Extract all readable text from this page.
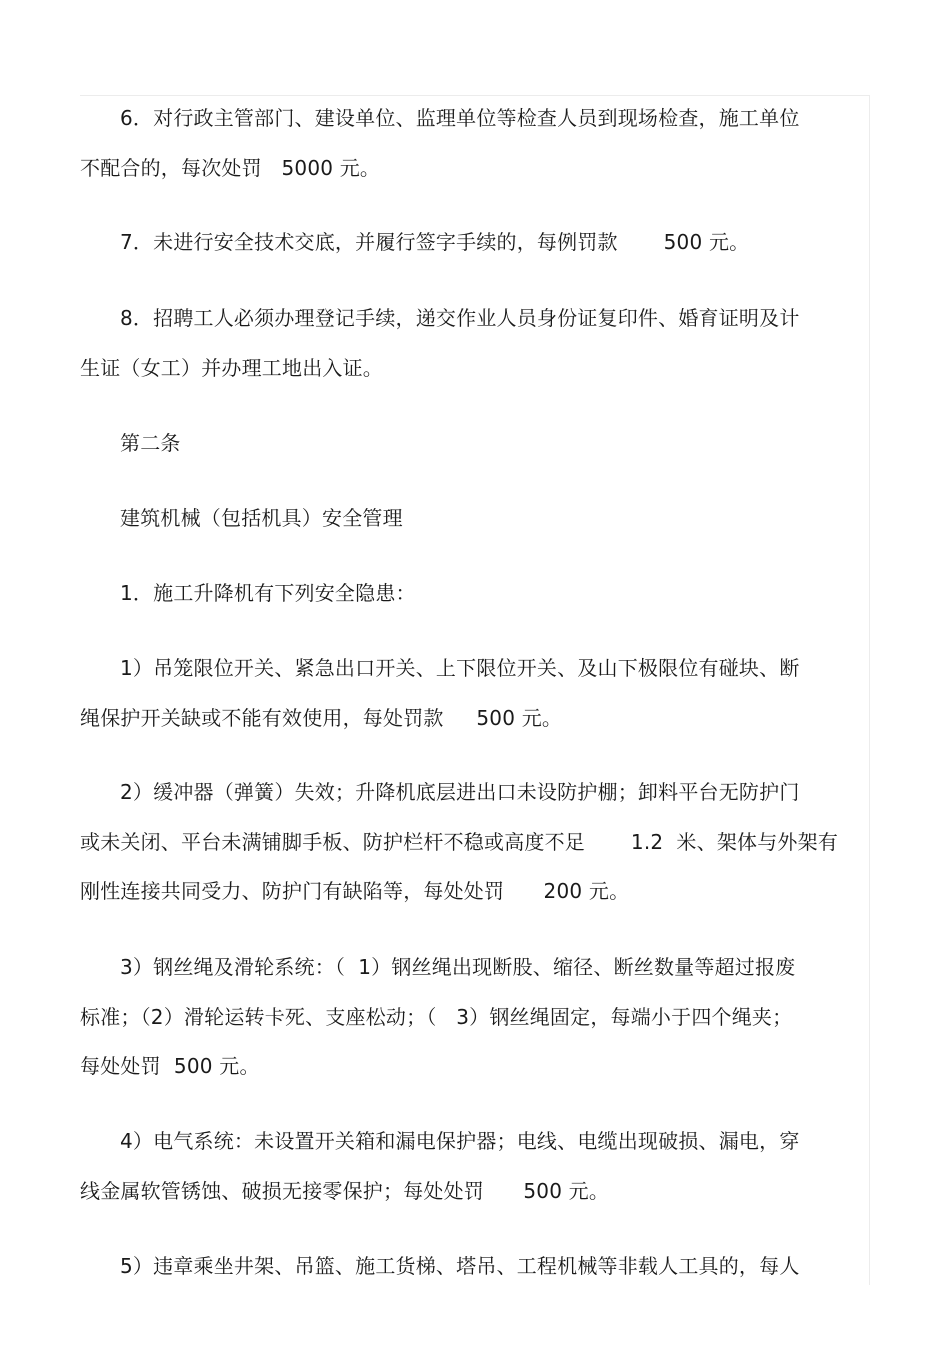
6．对行政主管部门、建设单位、监理单位等检查人员到现场检查，施工单位
不配合的，每次处罚   5000 元。
7．未进行安全技术交底，并履行签字手续的，每例罚款       500 元。
8．招聘工人必须办理登记手续，递交作业人员身份证复印件、婚育证明及计
生证（女工）并办理工地出入证。
第二条
建筑机械（包括机具）安全管理
1．施工升降机有下列安全隐患：
1）吊笼限位开关、紧急出口开关、上下限位开关、及山下极限位有碰块、断
绳保护开关缺或不能有效使用，每处罚款     500 元。
2）缓冲器（弹簧）失效；升降机底层进出口未设防护棚；卸料平台无防护门
或未关闭、平台未满铺脚手板、防护栏杆不稳或高度不足       1.2  米、架体与外架有
刚性连接共同受力、防护门有缺陷等，每处处罚      200 元。
3）钢丝绳及滑轮系统：（  1）钢丝绳出现断股、缩径、断丝数量等超过报废
标准；（2）滑轮运转卡死、支座松动；（   3）钢丝绳固定，每端小于四个绳夹；
每处处罚  500 元。
4）电气系统：未设置开关箱和漏电保护器；电线、电缆出现破损、漏电，穿
线金属软管锈蚀、破损无接零保护；每处处罚      500 元。
5）违章乘坐井架、吊篮、施工货梯、塔吊、工程机械等非载人工具的，每人
